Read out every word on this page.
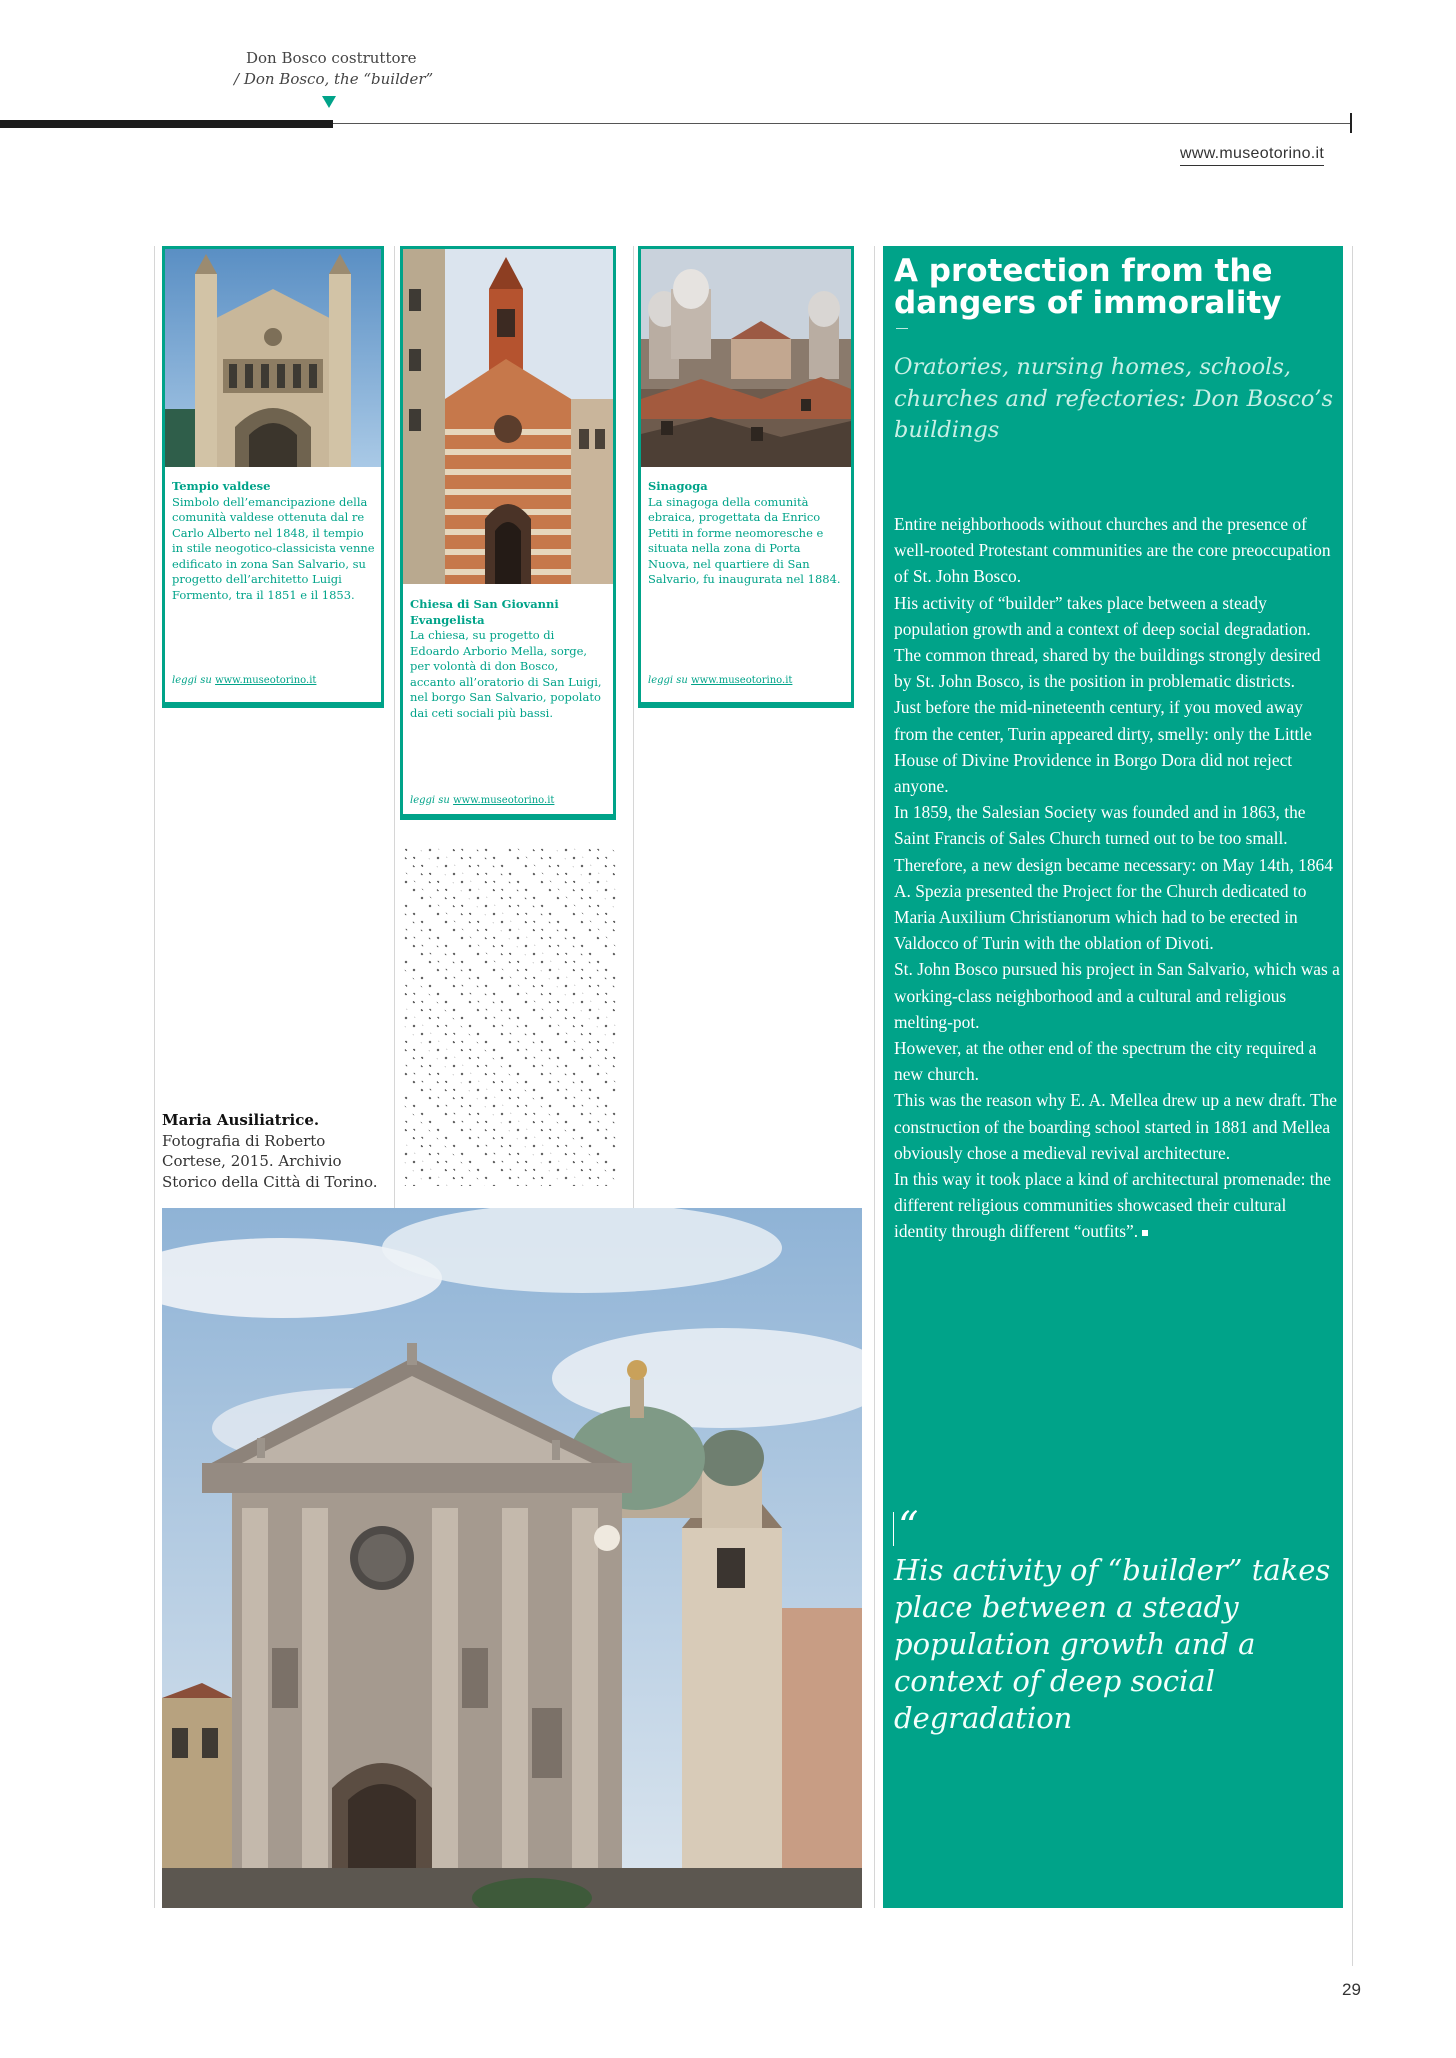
Don Bosco costruttore
/ Don Bosco, the “builder”
www.museotorino.it
Tempio valdese
Simbolo dell’emancipazione della comunità valdese ottenuta dal re Carlo Alberto nel 1848, il tempio in stile neogotico-classicista venne edificato in zona San Salvario, su progetto dell’architetto Luigi Formento, tra il 1851 e il 1853.
leggi su www.museotorino.it
Chiesa di San Giovanni Evangelista
La chiesa, su progetto di Edoardo Arborio Mella, sorge, per volontà di don Bosco, accanto all’oratorio di San Luigi, nel borgo San Salvario, popolato dai ceti sociali più bassi.
leggi su www.museotorino.it
Sinagoga
La sinagoga della comunità ebraica, progettata da Enrico Petiti in forme neomoresche e situata nella zona di Porta Nuova, nel quartiere di San Salvario, fu inaugurata nel 1884.
leggi su www.museotorino.it
Maria Ausiliatrice.
Fotografia di Roberto Cortese, 2015. Archivio Storico della Città di Torino.
A protection from the dangers of immorality
Oratories, nursing homes, schools, churches and refectories: Don Bosco’s buildings

Entire neighborhoods without churches and the presence of well-rooted Protestant communities are the core preoccupation of St. John Bosco.

His activity of “builder” takes place between a steady population growth and a context of deep social degradation. The common thread, shared by the buildings strongly desired by St. John Bosco, is the position in problematic districts.

Just before the mid-nineteenth century, if you moved away from the center, Turin appeared dirty, smelly: only the Little House of Divine Providence in Borgo Dora did not reject anyone.

In 1859, the Salesian Society was founded and in 1863, the Saint Francis of Sales Church turned out to be too small. Therefore, a new design became necessary: on May 14th, 1864 A. Spezia presented the Project for the Church dedicated to Maria Auxilium Christianorum which had to be erected in Valdocco of Turin with the oblation of Divoti.

St. John Bosco pursued his project in San Salvario, which was a working-class neighborhood and a cultural and religious melting-pot.

However, at the other end of the spectrum the city required a new church.

This was the reason why E. A. Mellea drew up a new draft. The construction of the boarding school started in 1881 and Mellea obviously chose a medieval revival architecture.

In this way it took place a kind of architectural promenade: the different religious communities showcased their cultural identity through different “outfits”.

“
His activity of “builder” takes place between a steady population growth and a context of deep social degradation
29
